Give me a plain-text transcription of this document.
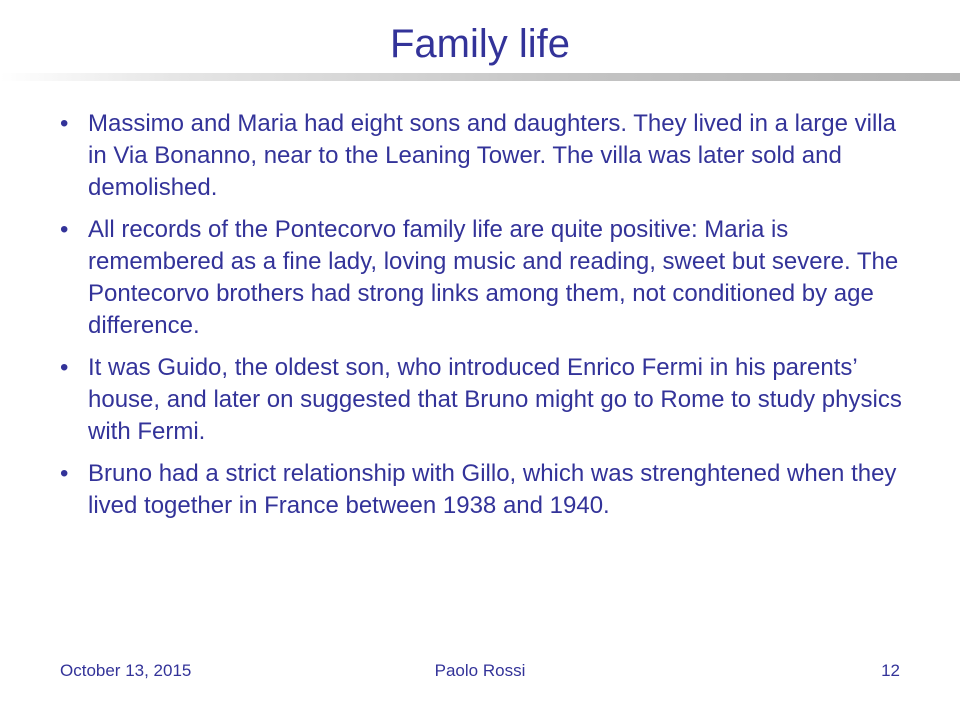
Family life
• Massimo and Maria had eight sons and daughters. They lived in a large villa in Via Bonanno, near to the Leaning Tower. The villa was later sold and demolished.
• All records of the Pontecorvo family life are quite positive: Maria is remembered as a fine lady, loving music and reading, sweet but severe. The Pontecorvo brothers had strong links among them, not conditioned by age difference.
• It was Guido, the oldest son, who introduced Enrico Fermi in his parents’ house, and later on suggested that Bruno might go to Rome to study physics with Fermi.
• Bruno had a strict relationship with Gillo, which was strenghtened when they lived together in France between 1938 and 1940.
October 13, 2015	Paolo Rossi	12
